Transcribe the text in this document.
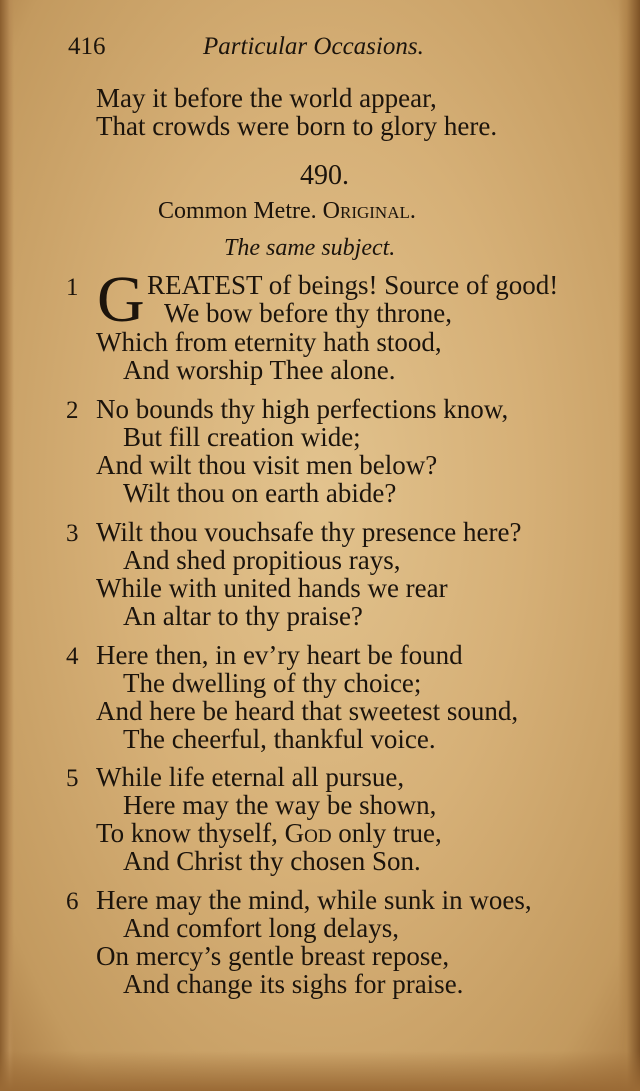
416	Particular Occasions.
May it before the world appear,
That crowds were born to glory here.
490.
Common Metre. Original.
The same subject.
1 G REATEST of beings! Source of good!
We bow before thy throne,
Which from eternity hath stood,
And worship Thee alone.
2 No bounds thy high perfections know,
But fill creation wide;
And wilt thou visit men below?
Wilt thou on earth abide?
3 Wilt thou vouchsafe thy presence here?
And shed propitious rays,
While with united hands we rear
An altar to thy praise?
4 Here then, in ev’ry heart be found
The dwelling of thy choice;
And here be heard that sweetest sound,
The cheerful, thankful voice.
5 While life eternal all pursue,
Here may the way be shown,
To know thyself, God only true,
And Christ thy chosen Son.
6 Here may the mind, while sunk in woes,
And comfort long delays,
On mercy’s gentle breast repose,
And change its sighs for praise.
